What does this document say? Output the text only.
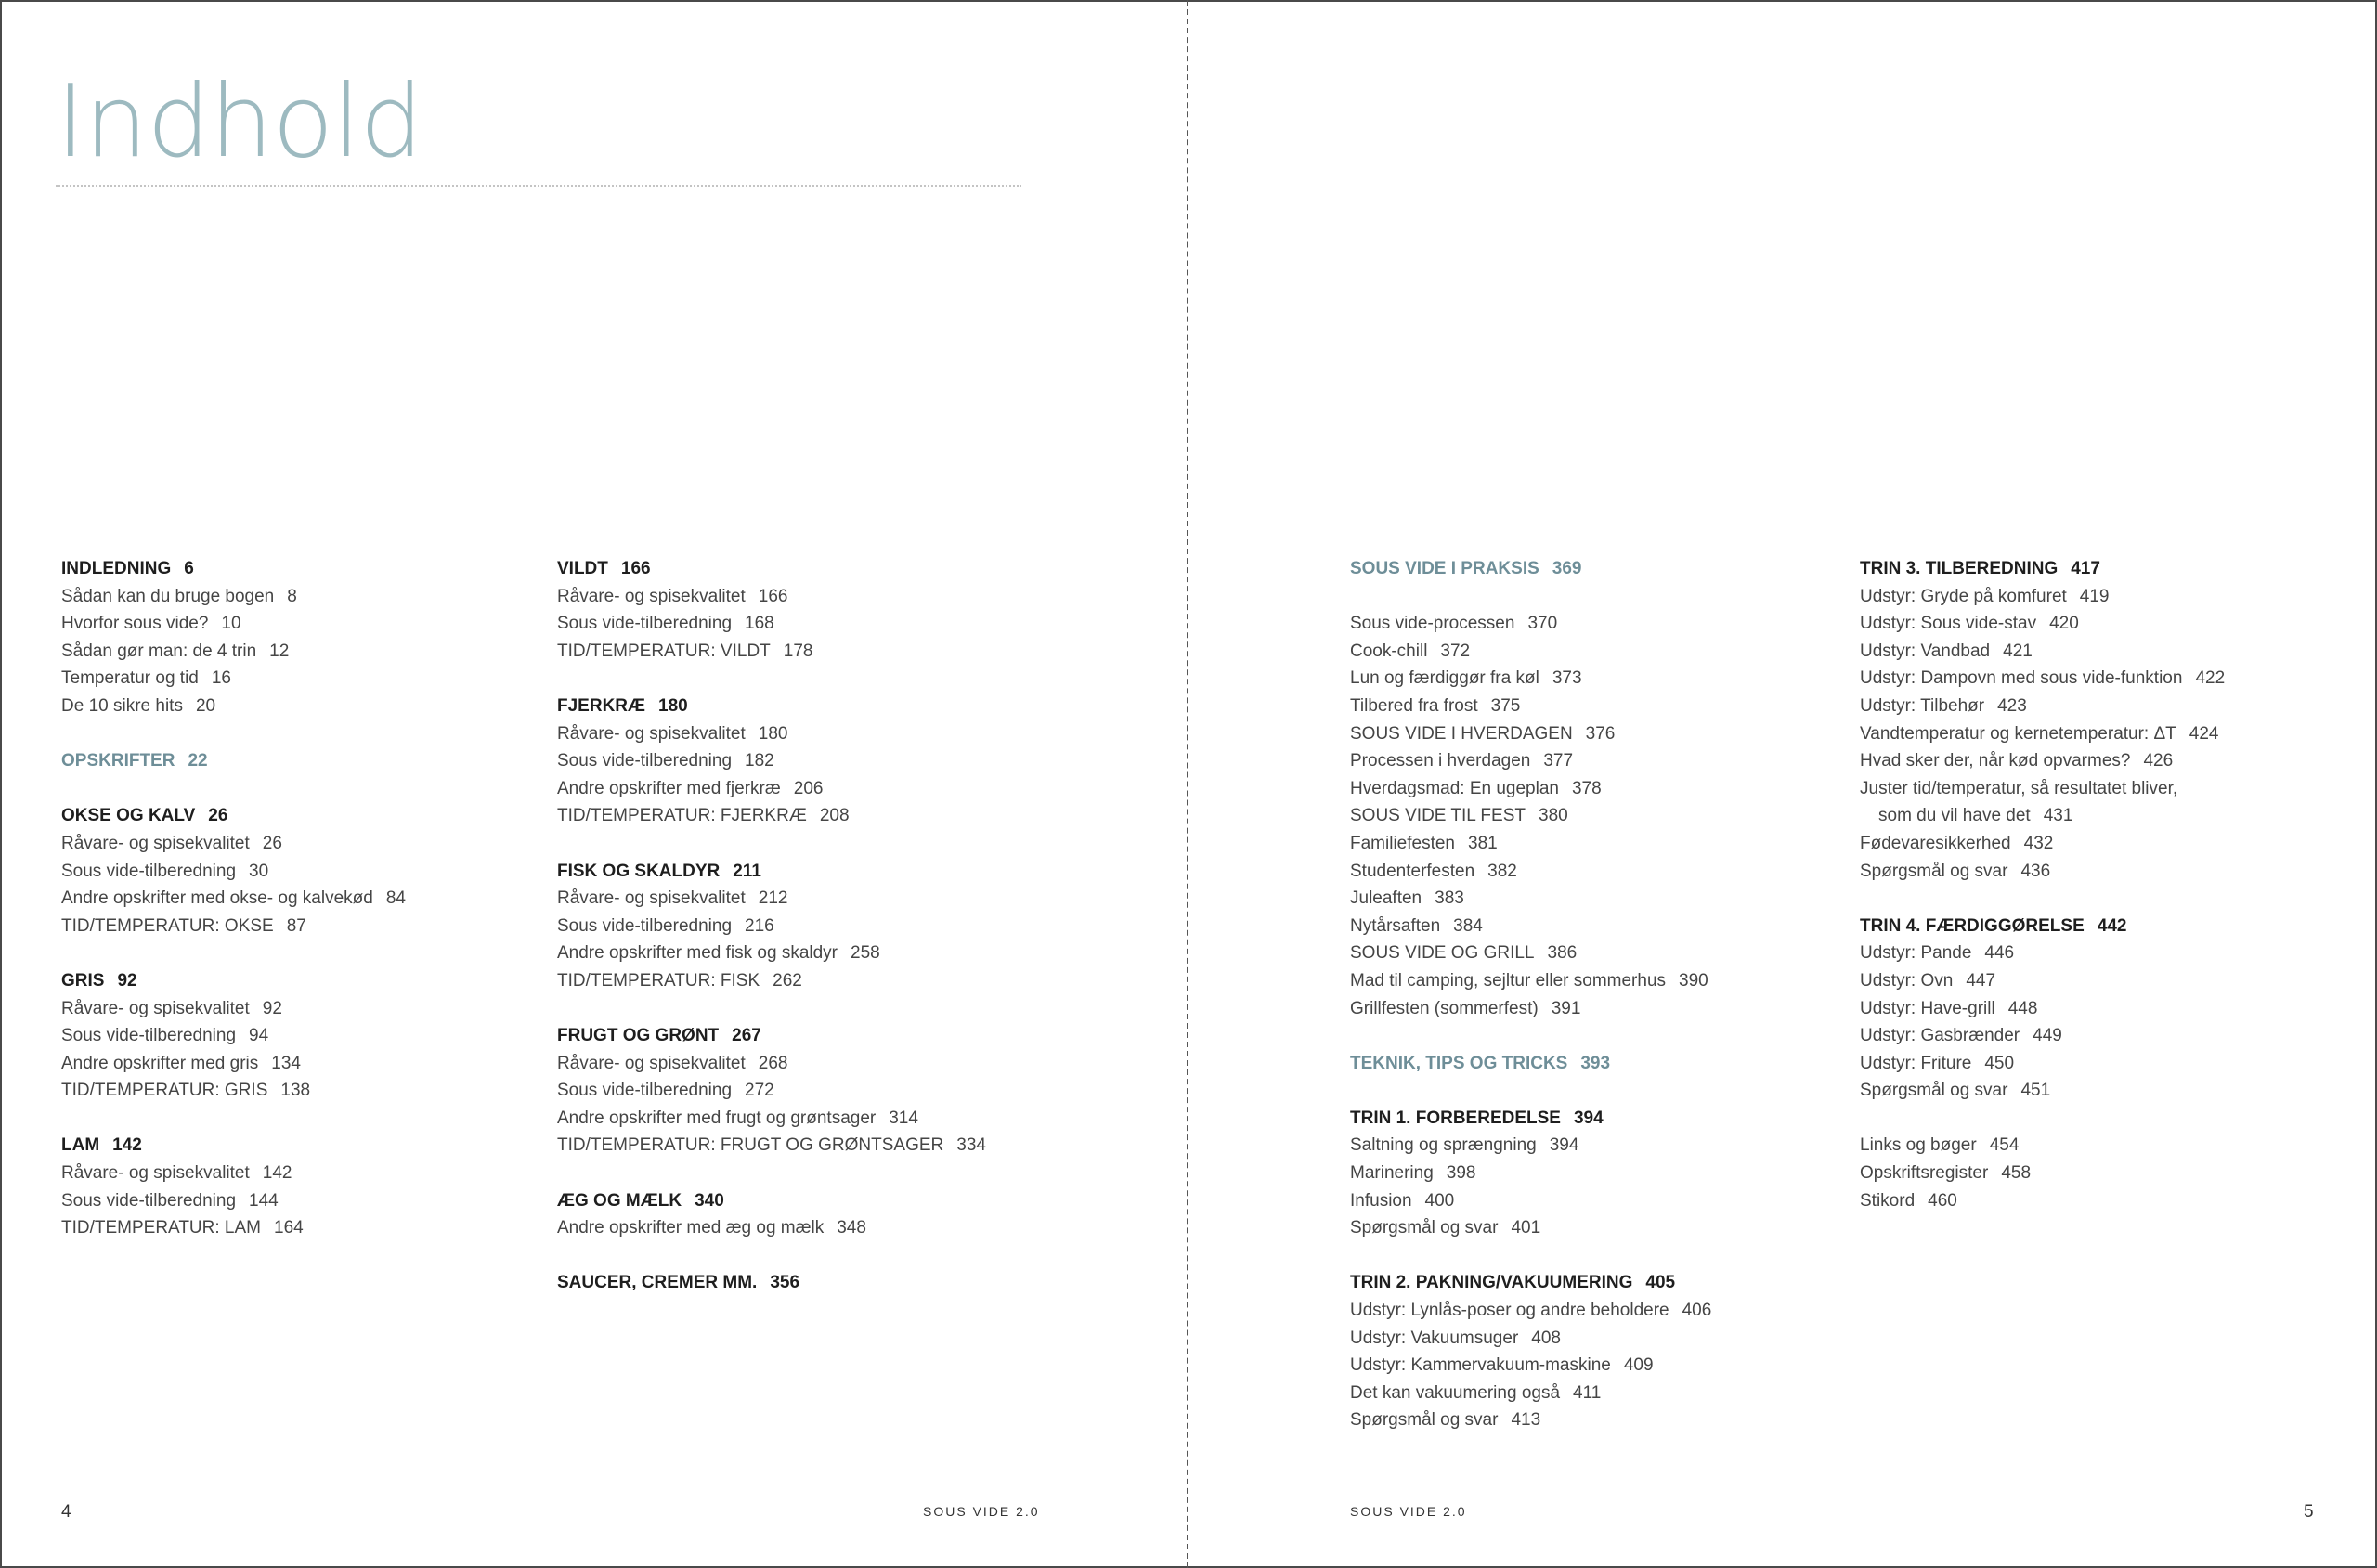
Indhold
INDLEDNING 6
Sådan kan du bruge bogen 8
Hvorfor sous vide? 10
Sådan gør man: de 4 trin 12
Temperatur og tid 16
De 10 sikre hits 20
OPSKRIFTER 22
OKSE OG KALV 26
Råvare- og spisekvalitet 26
Sous vide-tilberedning 30
Andre opskrifter med okse- og kalvekød 84
TID/TEMPERATUR: OKSE 87
GRIS 92
Råvare- og spisekvalitet 92
Sous vide-tilberedning 94
Andre opskrifter med gris 134
TID/TEMPERATUR: GRIS 138
LAM 142
Råvare- og spisekvalitet 142
Sous vide-tilberedning 144
TID/TEMPERATUR: LAM 164
VILDT 166
Råvare- og spisekvalitet 166
Sous vide-tilberedning 168
TID/TEMPERATUR: VILDT 178
FJERKRÆ 180
Råvare- og spisekvalitet 180
Sous vide-tilberedning 182
Andre opskrifter med fjerkræ 206
TID/TEMPERATUR: FJERKRÆ 208
FISK OG SKALDYR 211
Råvare- og spisekvalitet 212
Sous vide-tilberedning 216
Andre opskrifter med fisk og skaldyr 258
TID/TEMPERATUR: FISK 262
FRUGT OG GRØNT 267
Råvare- og spisekvalitet 268
Sous vide-tilberedning 272
Andre opskrifter med frugt og grøntsager 314
TID/TEMPERATUR: FRUGT OG GRØNTSAGER 334
ÆG OG MÆLK 340
Andre opskrifter med æg og mælk 348
SAUCER, CREMER MM. 356
SOUS VIDE I PRAKSIS 369
Sous vide-processen 370
Cook-chill 372
Lun og færdiggør fra køl 373
Tilbered fra frost 375
SOUS VIDE I HVERDAGEN 376
Processen i hverdagen 377
Hverdagsmad: En ugeplan 378
SOUS VIDE TIL FEST 380
Familiefesten 381
Studenterfesten 382
Juleaften 383
Nytårsaften 384
SOUS VIDE OG GRILL 386
Mad til camping, sejltur eller sommerhus 390
Grillfesten (sommerfest) 391
TEKNIK, TIPS OG TRICKS 393
TRIN 1. FORBEREDELSE 394
Saltning og sprængning 394
Marinering 398
Infusion 400
Spørgsmål og svar 401
TRIN 2. PAKNING/VAKUUMERING 405
Udstyr: Lynlås-poser og andre beholdere 406
Udstyr: Vakuumsuger 408
Udstyr: Kammervakuum-maskine 409
Det kan vakuumering også 411
Spørgsmål og svar 413
TRIN 3. TILBEREDNING 417
Udstyr: Gryde på komfuret 419
Udstyr: Sous vide-stav 420
Udstyr: Vandbad 421
Udstyr: Dampovn med sous vide-funktion 422
Udstyr: Tilbehør 423
Vandtemperatur og kernetemperatur: ΔT 424
Hvad sker der, når kød opvarmes? 426
Juster tid/temperatur, så resultatet bliver,
som du vil have det 431
Fødevaresikkerhed 432
Spørgsmål og svar 436
TRIN 4. FÆRDIGGØRELSE 442
Udstyr: Pande 446
Udstyr: Ovn 447
Udstyr: Have-grill 448
Udstyr: Gasbrænder 449
Udstyr: Friture 450
Spørgsmål og svar 451
Links og bøger 454
Opskriftsregister 458
Stikord 460
4	SOUS VIDE 2.0	SOUS VIDE 2.0	5
